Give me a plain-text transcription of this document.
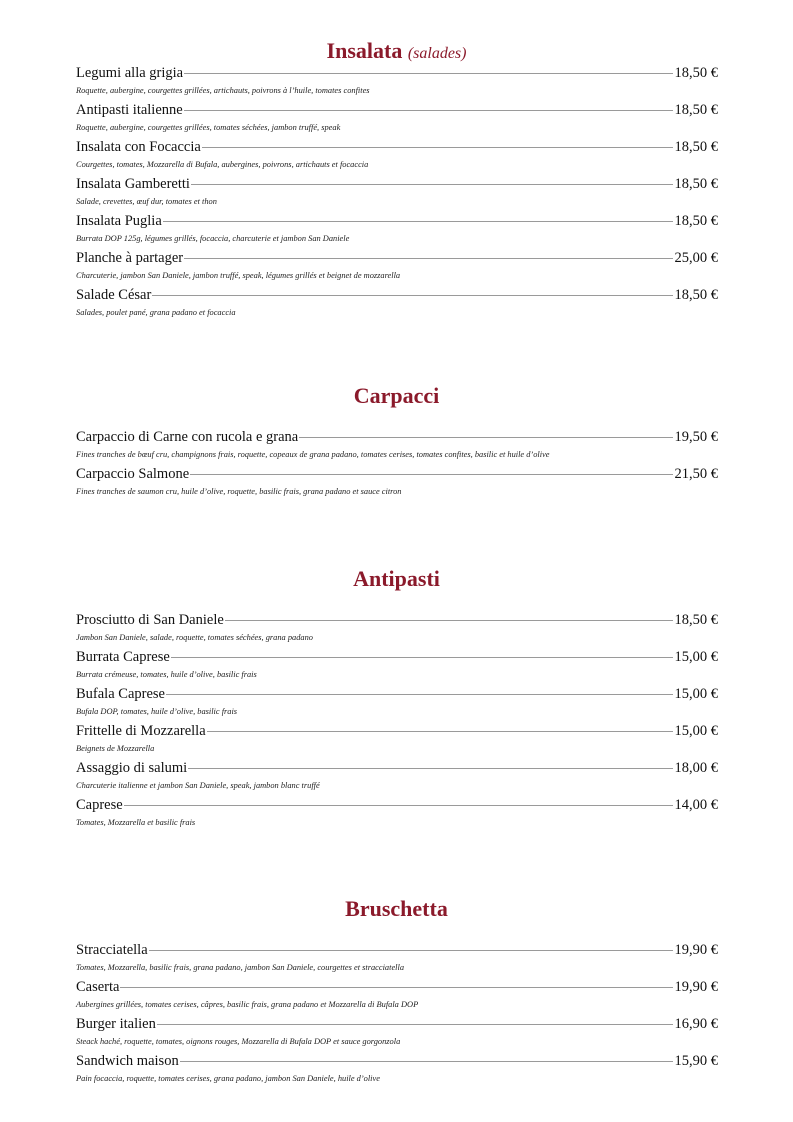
Insalata (salades)
Legumi alla grigia	18,50 €
Roquette, aubergine, courgettes grillées, artichauts, poivrons à l’huile, tomates confites
Antipasti italienne	18,50 €
Roquette, aubergine, courgettes grillées, tomates séchées, jambon truffé, speak
Insalata con Focaccia	18,50 €
Courgettes, tomates, Mozzarella di Bufala, aubergines, poivrons, artichauts et focaccia
Insalata Gamberetti	18,50 €
Salade, crevettes, œuf dur, tomates et thon
Insalata Puglia	18,50 €
Burrata DOP 125g, légumes grillés, focaccia, charcuterie et jambon San Daniele
Planche à partager	25,00 €
Charcuterie, jambon San Daniele, jambon truffé, speak, légumes grillés et beignet de mozzarella
Salade César	18,50 €
Salades, poulet pané, grana padano et focaccia
Carpacci
Carpaccio di Carne con rucola e grana	19,50 €
Fines tranches de bœuf cru, champignons frais, roquette, copeaux de grana padano, tomates cerises, tomates confites, basilic et huile d’olive
Carpaccio Salmone	21,50 €
Fines tranches de saumon cru, huile d’olive, roquette, basilic frais, grana padano et sauce citron
Antipasti
Prosciutto di San Daniele	18,50 €
Jambon San Daniele, salade, roquette, tomates séchées, grana padano
Burrata Caprese	15,00 €
Burrata crémeuse, tomates, huile d’olive, basilic frais
Bufala Caprese	15,00 €
Bufala DOP, tomates, huile d’olive, basilic frais
Frittelle di Mozzarella	15,00 €
Beignets de Mozzarella
Assaggio di salumi	18,00 €
Charcuterie italienne et jambon San Daniele, speak, jambon blanc truffé
Caprese	14,00 €
Tomates, Mozzarella et basilic frais
Bruschetta
Stracciatella	19,90 €
Tomates, Mozzarella, basilic frais, grana padano, jambon San Daniele, courgettes et stracciatella
Caserta	19,90 €
Aubergines grillées, tomates cerises, câpres, basilic frais, grana padano et Mozzarella di Bufala DOP
Burger italien	16,90 €
Steack haché, roquette, tomates, oignons rouges, Mozzarella di Bufala DOP et sauce gorgonzola
Sandwich maison	15,90 €
Pain focaccia, roquette, tomates cerises, grana padano, jambon San Daniele, huile d’olive
